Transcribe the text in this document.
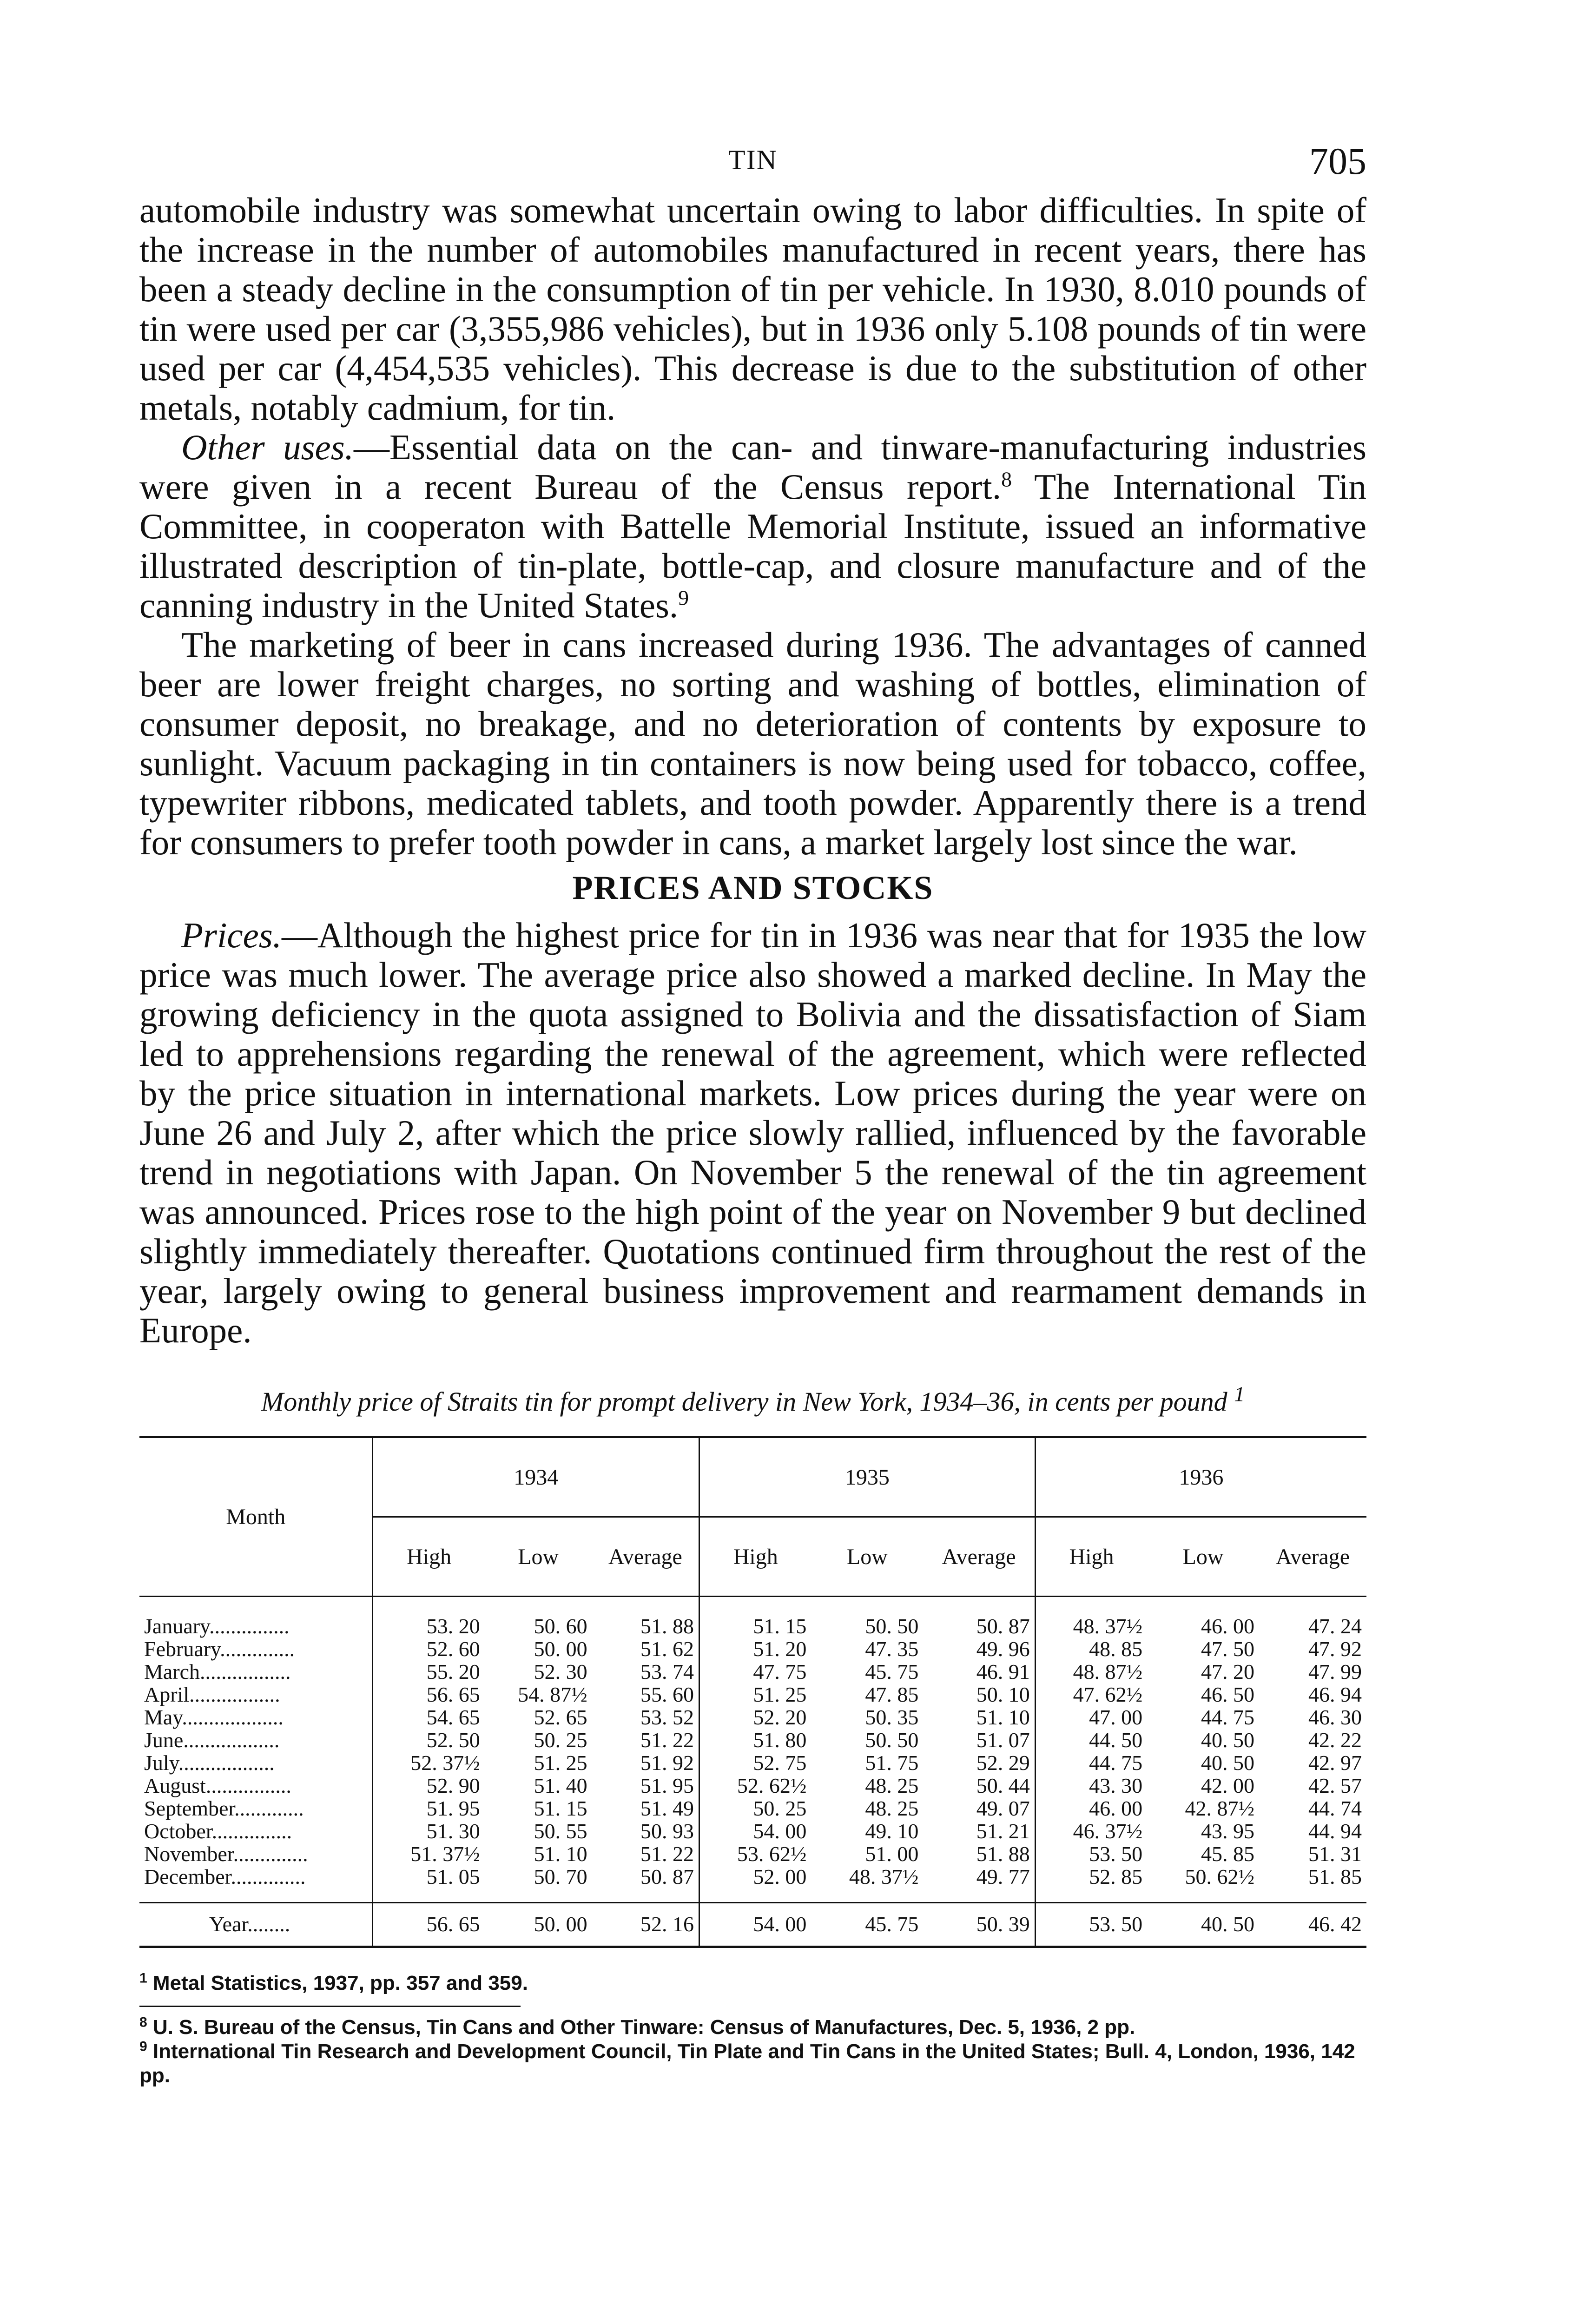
TIN	705

automobile industry was somewhat uncertain owing to labor difficulties. In spite of the increase in the number of automobiles manufactured in recent years, there has been a steady decline in the consumption of tin per vehicle. In 1930, 8.010 pounds of tin were used per car (3,355,986 vehicles), but in 1936 only 5.108 pounds of tin were used per car (4,454,535 vehicles). This decrease is due to the substitution of other metals, notably cadmium, for tin.

Other uses.—Essential data on the can- and tinware-manufacturing industries were given in a recent Bureau of the Census report.$^8$ The International Tin Committee, in cooperaton with Battelle Memorial Institute, issued an informative illustrated description of tin-plate, bottle-cap, and closure manufacture and of the canning industry in the United States.$^9$

The marketing of beer in cans increased during 1936. The advantages of canned beer are lower freight charges, no sorting and washing of bottles, elimination of consumer deposit, no breakage, and no deterioration of contents by exposure to sunlight. Vacuum packaging in tin containers is now being used for tobacco, coffee, typewriter ribbons, medicated tablets, and tooth powder. Apparently there is a trend for consumers to prefer tooth powder in cans, a market largely lost since the war.

PRICES AND STOCKS

Prices.—Although the highest price for tin in 1936 was near that for 1935 the low price was much lower. The average price also showed a marked decline. In May the growing deficiency in the quota assigned to Bolivia and the dissatisfaction of Siam led to apprehensions regarding the renewal of the agreement, which were reflected by the price situation in international markets. Low prices during the year were on June 26 and July 2, after which the price slowly rallied, influenced by the favorable trend in negotiations with Japan. On November 5 the renewal of the tin agreement was announced. Prices rose to the high point of the year on November 9 but declined slightly immediately thereafter. Quotations continued firm throughout the rest of the year, largely owing to general business improvement and rearmament demands in Europe.

Monthly price of Straits tin for prompt delivery in New York, 1934–36, in cents per pound $^1$
Month	1934			1935			1936		
	High	Low	Average	High	Low	Average	High	Low	Average
January...............	53. 20	50. 60	51. 88	51. 15	50. 50	50. 87	48. 37½	46. 00	47. 24
February..............	52. 60	50. 00	51. 62	51. 20	47. 35	49. 96	48. 85	47. 50	47. 92
March.................	55. 20	52. 30	53. 74	47. 75	45. 75	46. 91	48. 87½	47. 20	47. 99
April.................	56. 65	54. 87½	55. 60	51. 25	47. 85	50. 10	47. 62½	46. 50	46. 94
May...................	54. 65	52. 65	53. 52	52. 20	50. 35	51. 10	47. 00	44. 75	46. 30
June..................	52. 50	50. 25	51. 22	51. 80	50. 50	51. 07	44. 50	40. 50	42. 22
July..................	52. 37½	51. 25	51. 92	52. 75	51. 75	52. 29	44. 75	40. 50	42. 97
August................	52. 90	51. 40	51. 95	52. 62½	48. 25	50. 44	43. 30	42. 00	42. 57
September.............	51. 95	51. 15	51. 49	50. 25	48. 25	49. 07	46. 00	42. 87½	44. 74
October...............	51. 30	50. 55	50. 93	54. 00	49. 10	51. 21	46. 37½	43. 95	44. 94
November..............	51. 37½	51. 10	51. 22	53. 62½	51. 00	51. 88	53. 50	45. 85	51. 31
December..............	51. 05	50. 70	50. 87	52. 00	48. 37½	49. 77	52. 85	50. 62½	51. 85
Year........	56. 65	50. 00	52. 16	54. 00	45. 75	50. 39	53. 50	40. 50	46. 42

$^1$ Metal Statistics, 1937, pp. 357 and 359.

$^8$ U. S. Bureau of the Census, Tin Cans and Other Tinware: Census of Manufactures, Dec. 5, 1936, 2 pp.

$^9$ International Tin Research and Development Council, Tin Plate and Tin Cans in the United States; Bull. 4, London, 1936, 142 pp.
